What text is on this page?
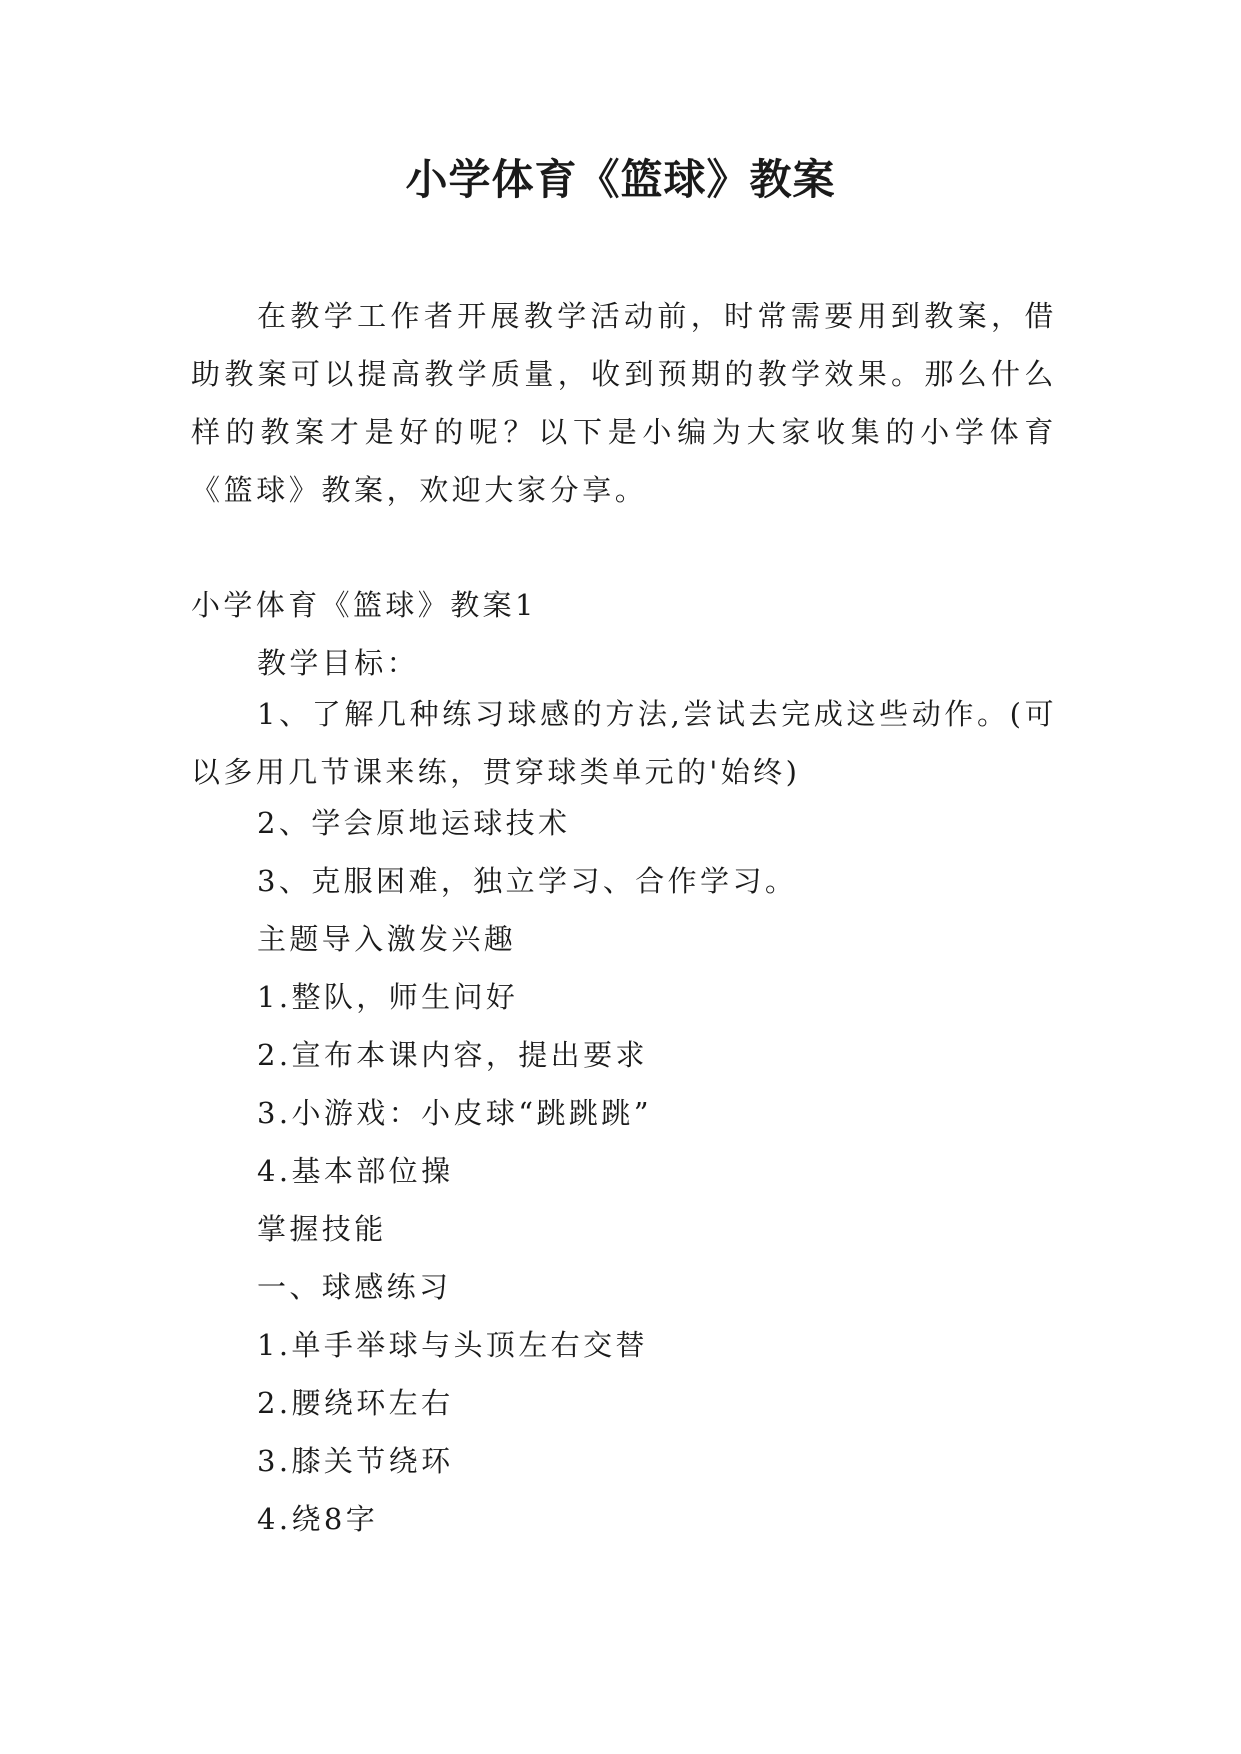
小学体育《篮球》教案

在教学工作者开展教学活动前，时常需要用到教案，借助教案可以提高教学质量，收到预期的教学效果。那么什么样的教案才是好的呢？以下是小编为大家收集的小学体育《篮球》教案，欢迎大家分享。

小学体育《篮球》教案1

教学目标：

1、了解几种练习球感的方法,尝试去完成这些动作。(可以多用几节课来练，贯穿球类单元的'始终)

2、学会原地运球技术

3、克服困难，独立学习、合作学习。

主题导入激发兴趣

1.整队，师生问好

2.宣布本课内容，提出要求

3.小游戏：小皮球“跳跳跳”

4.基本部位操

掌握技能

一、球感练习

1.单手举球与头顶左右交替

2.腰绕环左右

3.膝关节绕环

4.绕8字
